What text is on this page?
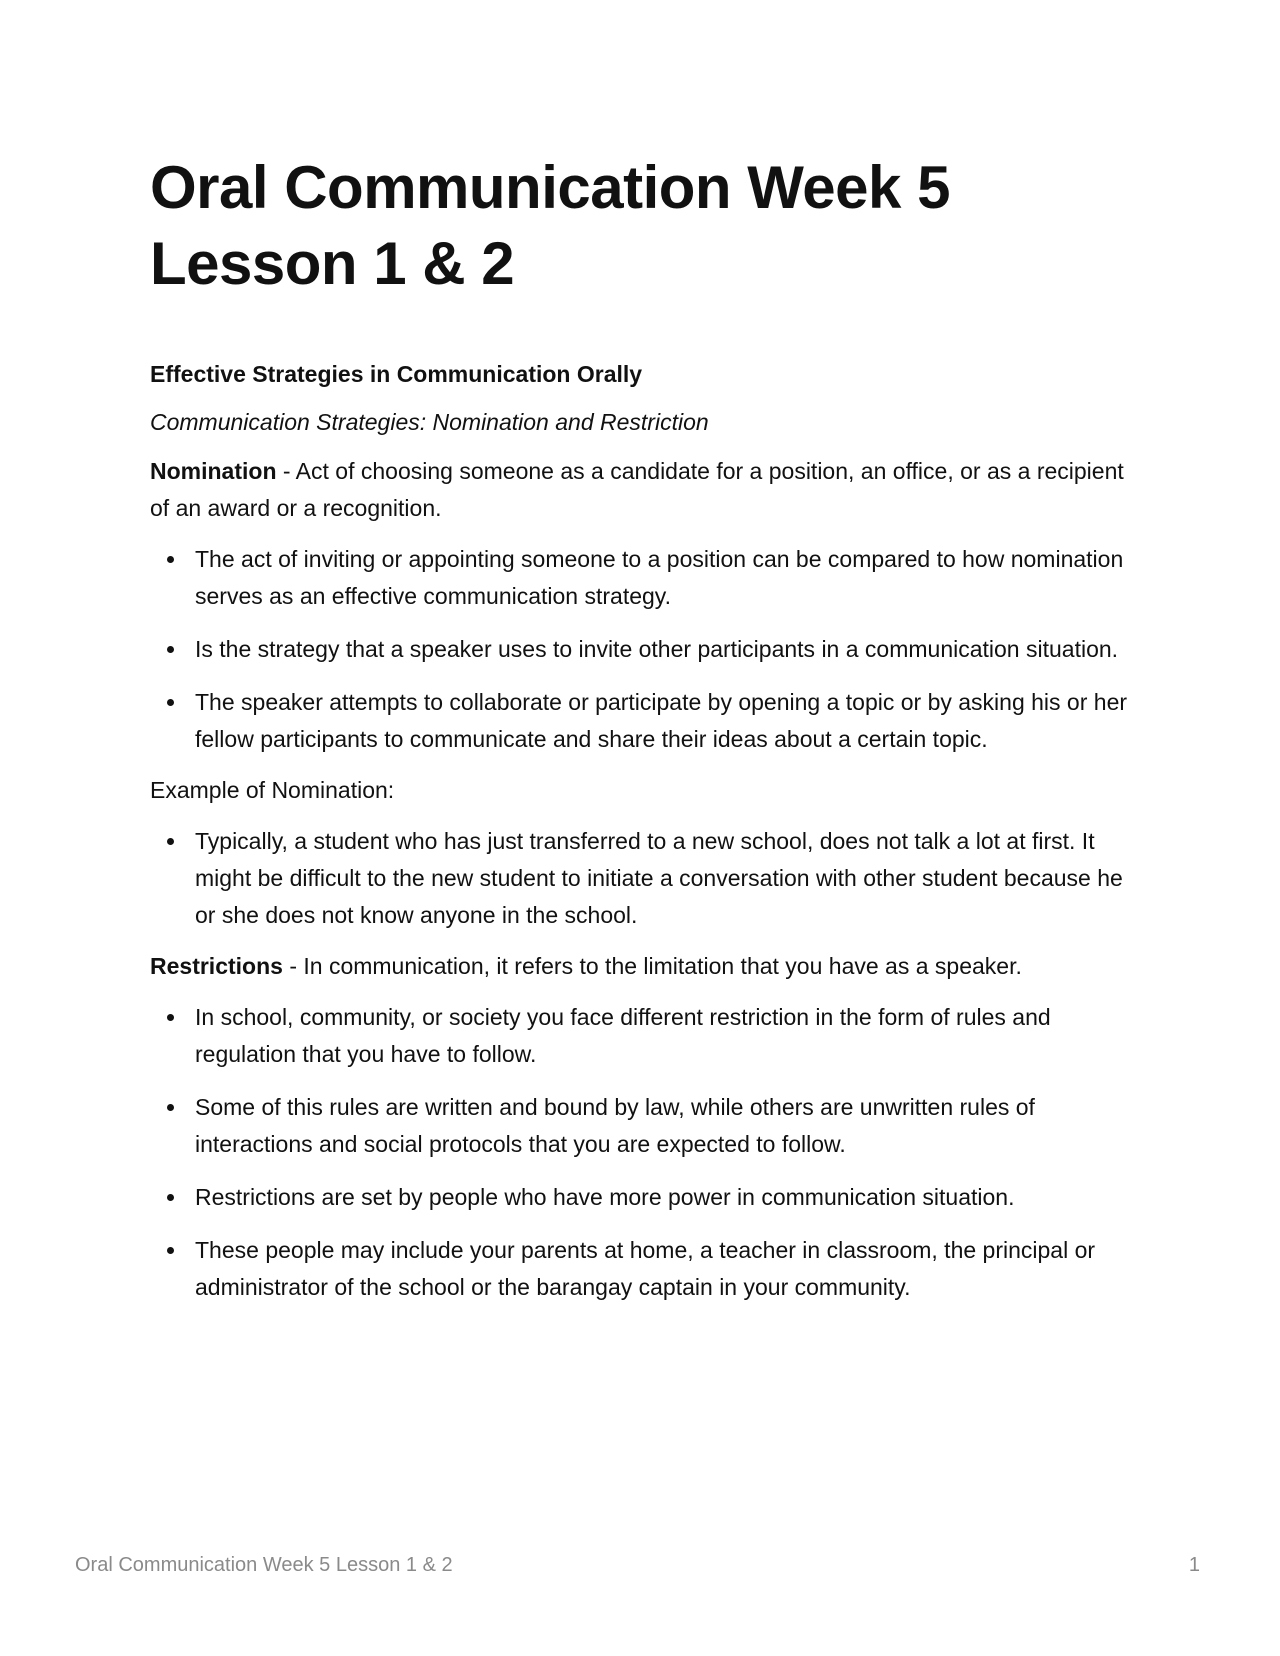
Oral Communication Week 5 Lesson 1 & 2
Effective Strategies in Communication Orally
Communication Strategies: Nomination and Restriction

Nomination - Act of choosing someone as a candidate for a position, an office, or as a recipient of an award or a recognition.

The act of inviting or appointing someone to a position can be compared to how nomination serves as an effective communication strategy.
Is the strategy that a speaker uses to invite other participants in a communication situation.
The speaker attempts to collaborate or participate by opening a topic or by asking his or her fellow participants to communicate and share their ideas about a certain topic.

Example of Nomination:

Typically, a student who has just transferred to a new school, does not talk a lot at first. It might be difficult to the new student to initiate a conversation with other student because he or she does not know anyone in the school.

Restrictions - In communication, it refers to the limitation that you have as a speaker.

In school, community, or society you face different restriction in the form of rules and regulation that you have to follow.
Some of this rules are written and bound by law, while others are unwritten rules of interactions and social protocols that you are expected to follow.
Restrictions are set by people who have more power in communication situation.
These people may include your parents at home, a teacher in classroom, the principal or administrator of the school or the barangay captain in your community.
Oral Communication Week 5 Lesson 1 & 2	1
